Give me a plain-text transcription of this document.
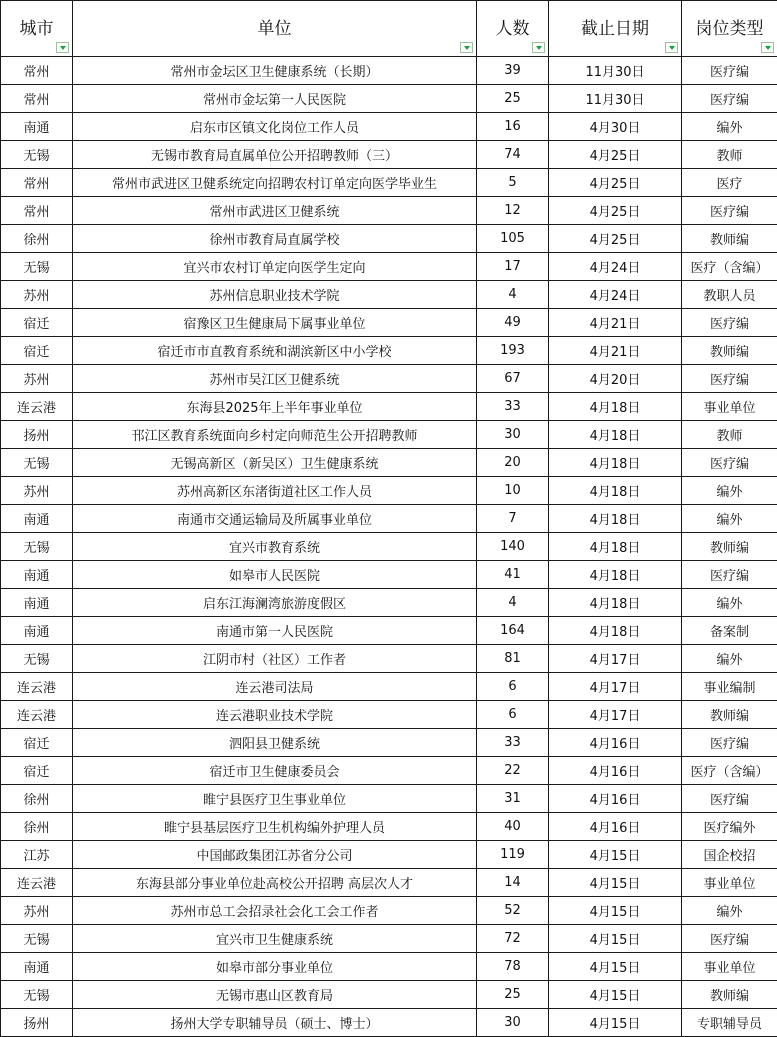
城市	单位	人数	截止日期	岗位类型

常州	常州市金坛区卫生健康系统（长期）	39	11月30日	医疗编
常州	常州市金坛第一人民医院	25	11月30日	医疗编
南通	启东市区镇文化岗位工作人员	16	4月30日	编外
无锡	无锡市教育局直属单位公开招聘教师（三）	74	4月25日	教师
常州	常州市武进区卫健系统定向招聘农村订单定向医学毕业生	5	4月25日	医疗
常州	常州市武进区卫健系统	12	4月25日	医疗编
徐州	徐州市教育局直属学校	105	4月25日	教师编
无锡	宜兴市农村订单定向医学生定向	17	4月24日	医疗（含编）
苏州	苏州信息职业技术学院	4	4月24日	教职人员
宿迁	宿豫区卫生健康局下属事业单位	49	4月21日	医疗编
宿迁	宿迁市市直教育系统和湖滨新区中小学校	193	4月21日	教师编
苏州	苏州市吴江区卫健系统	67	4月20日	医疗编
连云港	东海县2025年上半年事业单位	33	4月18日	事业单位
扬州	邗江区教育系统面向乡村定向师范生公开招聘教师	30	4月18日	教师
无锡	无锡高新区（新吴区）卫生健康系统	20	4月18日	医疗编
苏州	苏州高新区东渚街道社区工作人员	10	4月18日	编外
南通	南通市交通运输局及所属事业单位	7	4月18日	编外
无锡	宜兴市教育系统	140	4月18日	教师编
南通	如皋市人民医院	41	4月18日	医疗编
南通	启东江海澜湾旅游度假区	4	4月18日	编外
南通	南通市第一人民医院	164	4月18日	备案制
无锡	江阴市村（社区）工作者	81	4月17日	编外
连云港	连云港司法局	6	4月17日	事业编制
连云港	连云港职业技术学院	6	4月17日	教师编
宿迁	泗阳县卫健系统	33	4月16日	医疗编
宿迁	宿迁市卫生健康委员会	22	4月16日	医疗（含编）
徐州	睢宁县医疗卫生事业单位	31	4月16日	医疗编
徐州	睢宁县基层医疗卫生机构编外护理人员	40	4月16日	医疗编外
江苏	中国邮政集团江苏省分公司	119	4月15日	国企校招
连云港	东海县部分事业单位赴高校公开招聘 高层次人才	14	4月15日	事业单位
苏州	苏州市总工会招录社会化工会工作者	52	4月15日	编外
无锡	宜兴市卫生健康系统	72	4月15日	医疗编
南通	如皋市部分事业单位	78	4月15日	事业单位
无锡	无锡市惠山区教育局	25	4月15日	教师编
扬州	扬州大学专职辅导员（硕士、博士）	30	4月15日	专职辅导员
